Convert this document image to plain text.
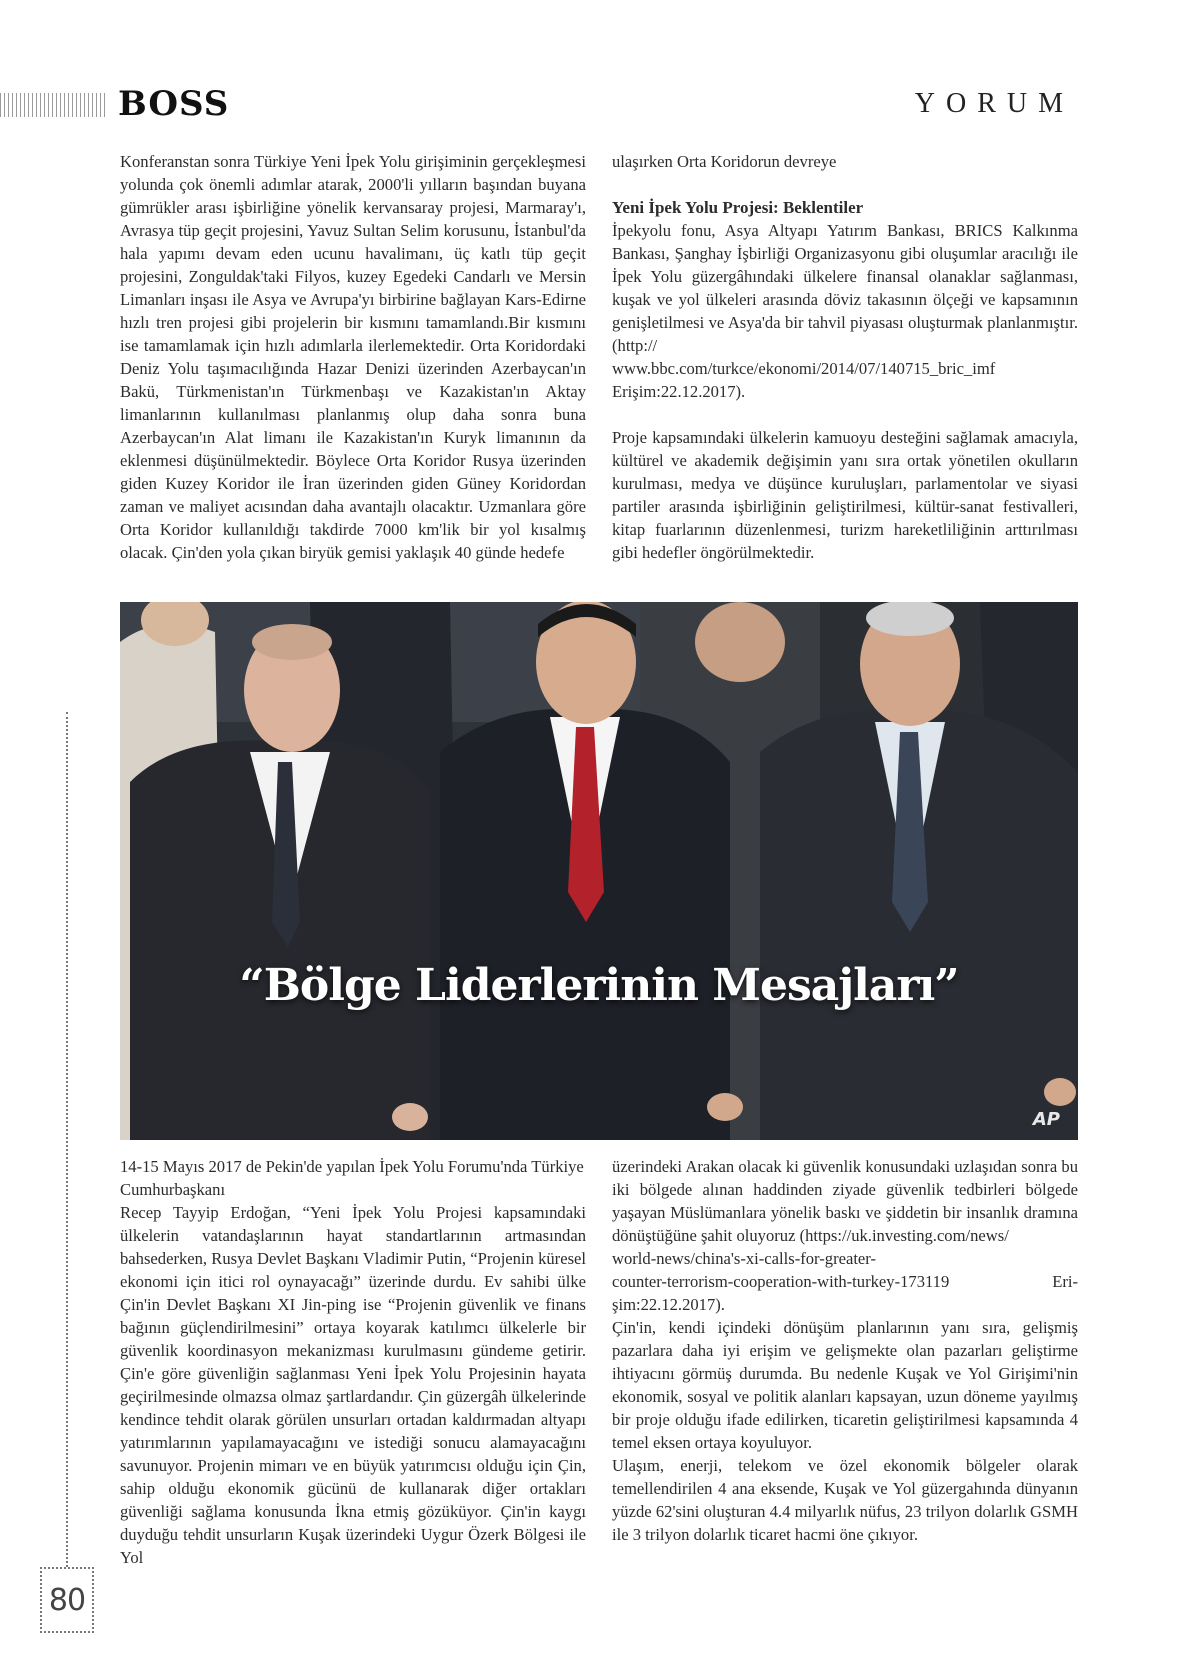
BOSS	YORUM

Konferanstan sonra Türkiye Yeni İpek Yolu girişiminin gerçekleşmesi yolunda çok önemli adımlar atarak, 2000'li yılların başından buyana gümrükler arası işbirliğine yönelik kervansaray projesi, Marmaray'ı, Avrasya tüp geçit projesini, Yavuz Sultan Selim korusunu, İstanbul'da hala yapımı devam eden ucunu havalimanı, üç katlı tüp geçit projesini, Zonguldak'taki Filyos, kuzey Egedeki Candarlı ve Mersin Limanları inşası ile Asya ve Avrupa'yı birbirine bağlayan Kars-Edirne hızlı tren projesi gibi projelerin bir kısmını tamamlandı.Bir kısmını ise tamamlamak için hızlı adımlarla ilerlemektedir. Orta Koridordaki Deniz Yolu taşımacılığında Hazar Denizi üzerinden Azerbaycan'ın Bakü, Türkmenistan'ın Türkmenbaşı ve Kazakistan'ın Aktay limanlarının kullanılması planlanmış olup daha sonra buna Azerbaycan'ın Alat limanı ile Kazakistan'ın Kuryk limanının da eklenmesi düşünülmektedir. Böylece Orta Koridor Rusya üzerinden giden Kuzey Koridor ile İran üzerinden giden Güney Koridordan zaman ve maliyet acısından daha avantajlı olacaktır. Uzmanlara göre Orta Koridor kullanıldığı takdirde 7000 km'lik bir yol kısalmış olacak. Çin'den yola çıkan biryük gemisi yaklaşık 40 günde hedefe

ulaşırken Orta Koridorun devreye

Yeni İpek Yolu Projesi: Beklentiler

İpekyolu fonu, Asya Altyapı Yatırım Bankası, BRICS Kalkınma Bankası, Şanghay İşbirliği Organizasyonu gibi oluşumlar aracılığı ile İpek Yolu güzergâhındaki ülkelere finansal olanaklar sağlanması, kuşak ve yol ülkeleri arasında döviz takasının ölçeği ve kapsamının genişletilmesi ve Asya'da bir tahvil piyasası oluşturmak planlanmıştır.(http://

www.bbc.com/turkce/ekonomi/2014/07/140715_bric_imf

Erişim:22.12.2017).

Proje kapsamındaki ülkelerin kamuoyu desteğini sağlamak amacıyla, kültürel ve akademik değişimin yanı sıra ortak yönetilen okulların kurulması, medya ve düşünce kuruluşları, parlamentolar ve siyasi partiler arasında işbirliğinin geliştirilmesi, kültür-sanat festivalleri, kitap fuarlarının düzenlenmesi, turizm hareketliliğinin arttırılması gibi hedefler öngörülmektedir.

“Bölge Liderlerinin Mesajları”
AP

14-15 Mayıs 2017 de Pekin'de yapılan İpek Yolu Forumu'nda Türkiye Cumhurbaşkanı

Recep Tayyip Erdoğan, “Yeni İpek Yolu Projesi kapsamındaki ülkelerin vatandaşlarının hayat standartlarının artmasından bahsederken, Rusya Devlet Başkanı Vladimir Putin, “Projenin küresel ekonomi için itici rol oynayacağı” üzerinde durdu. Ev sahibi ülke Çin'in Devlet Başkanı XI Jin-ping ise “Projenin güvenlik ve finans bağının güçlendirilmesini” ortaya koyarak katılımcı ülkelerle bir güvenlik koordinasyon mekanizması kurulmasını gündeme getirir. Çin'e göre güvenliğin sağlanması Yeni İpek Yolu Projesinin hayata geçirilmesinde olmazsa olmaz şartlardandır. Çin güzergâh ülkelerinde kendince tehdit olarak görülen unsurları ortadan kaldırmadan altyapı yatırımlarının yapılamayacağını ve istediği sonucu alamayacağını savunuyor. Projenin mimarı ve en büyük yatırımcısı olduğu için Çin, sahip olduğu ekonomik gücünü de kullanarak diğer ortakları güvenliği sağlama konusunda İkna etmiş gözüküyor. Çin'in kaygı duyduğu tehdit unsurların Kuşak üzerindeki Uygur Özerk Bölgesi ile Yol

üzerindeki Arakan olacak ki güvenlik konusundaki uzlaşıdan sonra bu iki bölgede alınan haddinden ziyade güvenlik tedbirleri bölgede yaşayan Müslümanlara yönelik baskı ve şiddetin bir insanlık dramına dönüştüğüne şahit oluyoruz (https://uk.investing.com/news/

world-news/china's-xi-calls-for-greater-

counter-terrorism-cooperation-with-turkey-173119	Eri-

şim:22.12.2017).

Çin'in, kendi içindeki dönüşüm planlarının yanı sıra, gelişmiş pazarlara daha iyi erişim ve gelişmekte olan pazarları geliştirme ihtiyacını görmüş durumda. Bu nedenle Kuşak ve Yol Girişimi'nin ekonomik, sosyal ve politik alanları kapsayan, uzun döneme yayılmış bir proje olduğu ifade edilirken, ticaretin geliştirilmesi kapsamında 4 temel eksen ortaya koyuluyor.

Ulaşım, enerji, telekom ve özel ekonomik bölgeler olarak temellendirilen 4 ana eksende, Kuşak ve Yol güzergahında dünyanın yüzde 62'sini oluşturan 4.4 milyarlık nüfus, 23 trilyon dolarlık GSMH ile 3 trilyon dolarlık ticaret hacmi öne çıkıyor.

80
